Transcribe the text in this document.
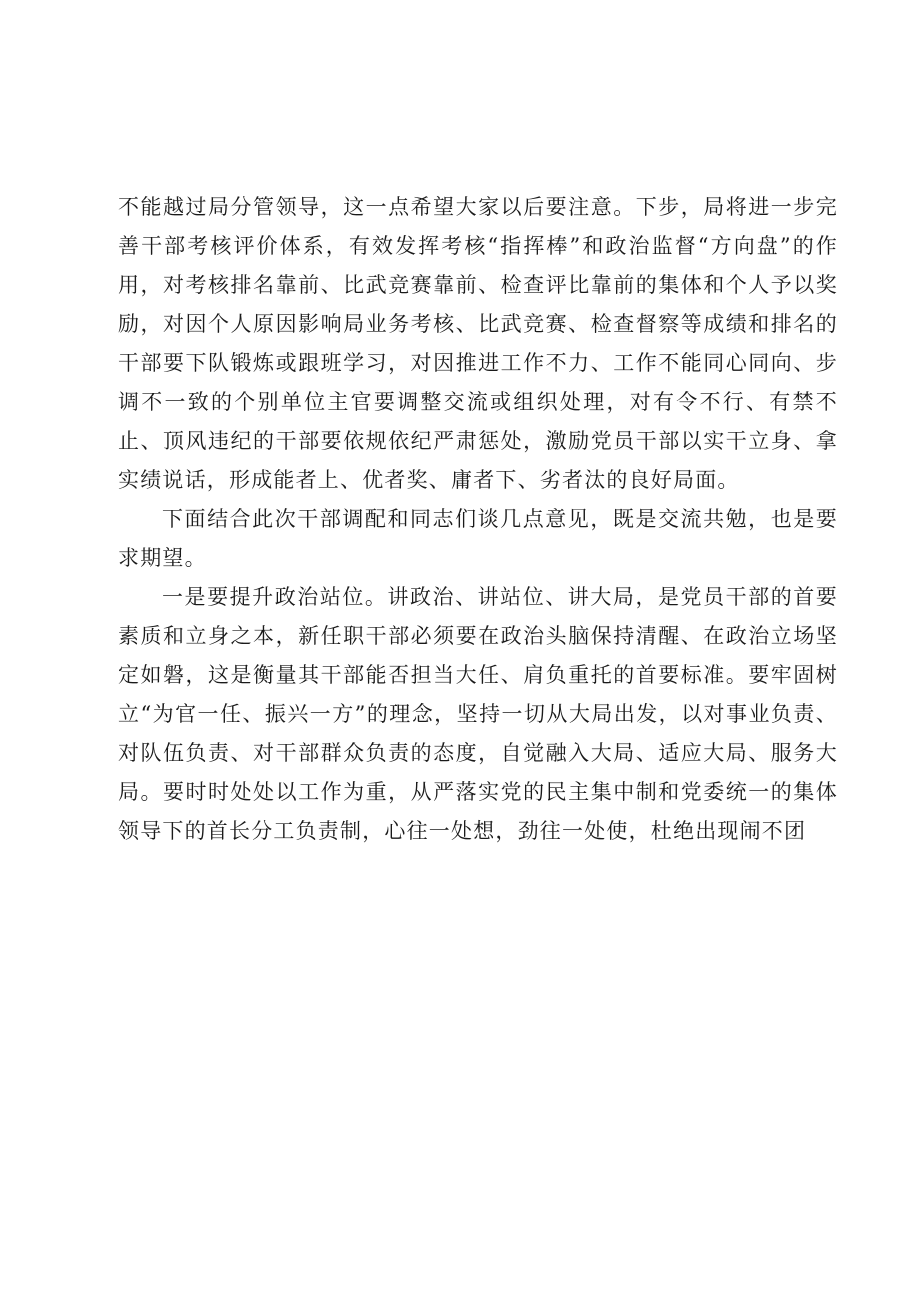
不能越过局分管领导，这一点希望大家以后要注意。下步，局将进一步完善干部考核评价体系，有效发挥考核“指挥棒”和政治监督“方向盘”的作用，对考核排名靠前、比武竞赛靠前、检查评比靠前的集体和个人予以奖励，对因个人原因影响局业务考核、比武竞赛、检查督察等成绩和排名的干部要下队锻炼或跟班学习，对因推进工作不力、工作不能同心同向、步调不一致的个别单位主官要调整交流或组织处理，对有令不行、有禁不止、顶风违纪的干部要依规依纪严肃惩处，激励党员干部以实干立身、拿实绩说话，形成能者上、优者奖、庸者下、劣者汰的良好局面。

下面结合此次干部调配和同志们谈几点意见，既是交流共勉，也是要求期望。

一是要提升政治站位。讲政治、讲站位、讲大局，是党员干部的首要素质和立身之本，新任职干部必须要在政治头脑保持清醒、在政治立场坚定如磐，这是衡量其干部能否担当大任、肩负重托的首要标准。要牢固树立“为官一任、振兴一方”的理念，坚持一切从大局出发，以对事业负责、对队伍负责、对干部群众负责的态度，自觉融入大局、适应大局、服务大局。要时时处处以工作为重，从严落实党的民主集中制和党委统一的集体领导下的首长分工负责制，心往一处想，劲往一处使，杜绝出现闹不团
